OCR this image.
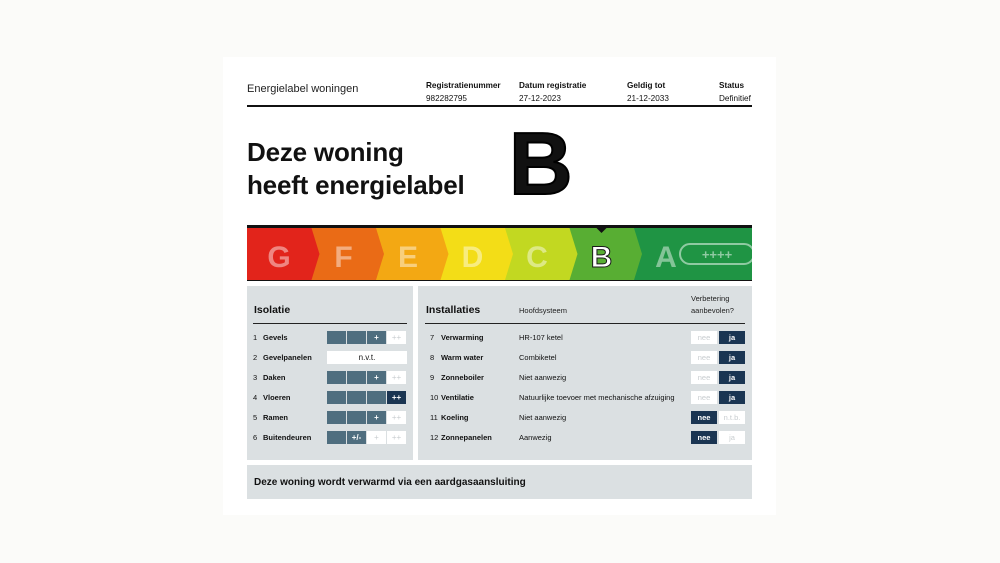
Energielabel woningen	Registratienummer
982282795
Datum registratie
27-12-2023
Geldig tot
21-12-2033
Status
Definitief
Deze woning
heeft energielabel B
A
B
C
D
E
F
G	++++
Isolatie
1 Gevels	+	++
2 Gevelpanelen	n.v.t.
3 Daken	+	++
4 Vloeren	++
5 Ramen	+	++
6 Buitendeuren	+/-	+	++
Installaties	Hoofdsysteem
Verbetering
aanbevolen?
7 Verwarming	HR-107 ketel	nee	ja
8 Warm water	Combiketel	nee	ja
9 Zonneboiler	Niet aanwezig	nee	ja
10 Ventilatie	Natuurlijke toevoer met mechanische afzuiging	nee	ja
11 Koeling	Niet aanwezig	nee	n.t.b.
12 Zonnepanelen	Aanwezig	nee	ja
Deze woning wordt verwarmd via een aardgasaansluiting
